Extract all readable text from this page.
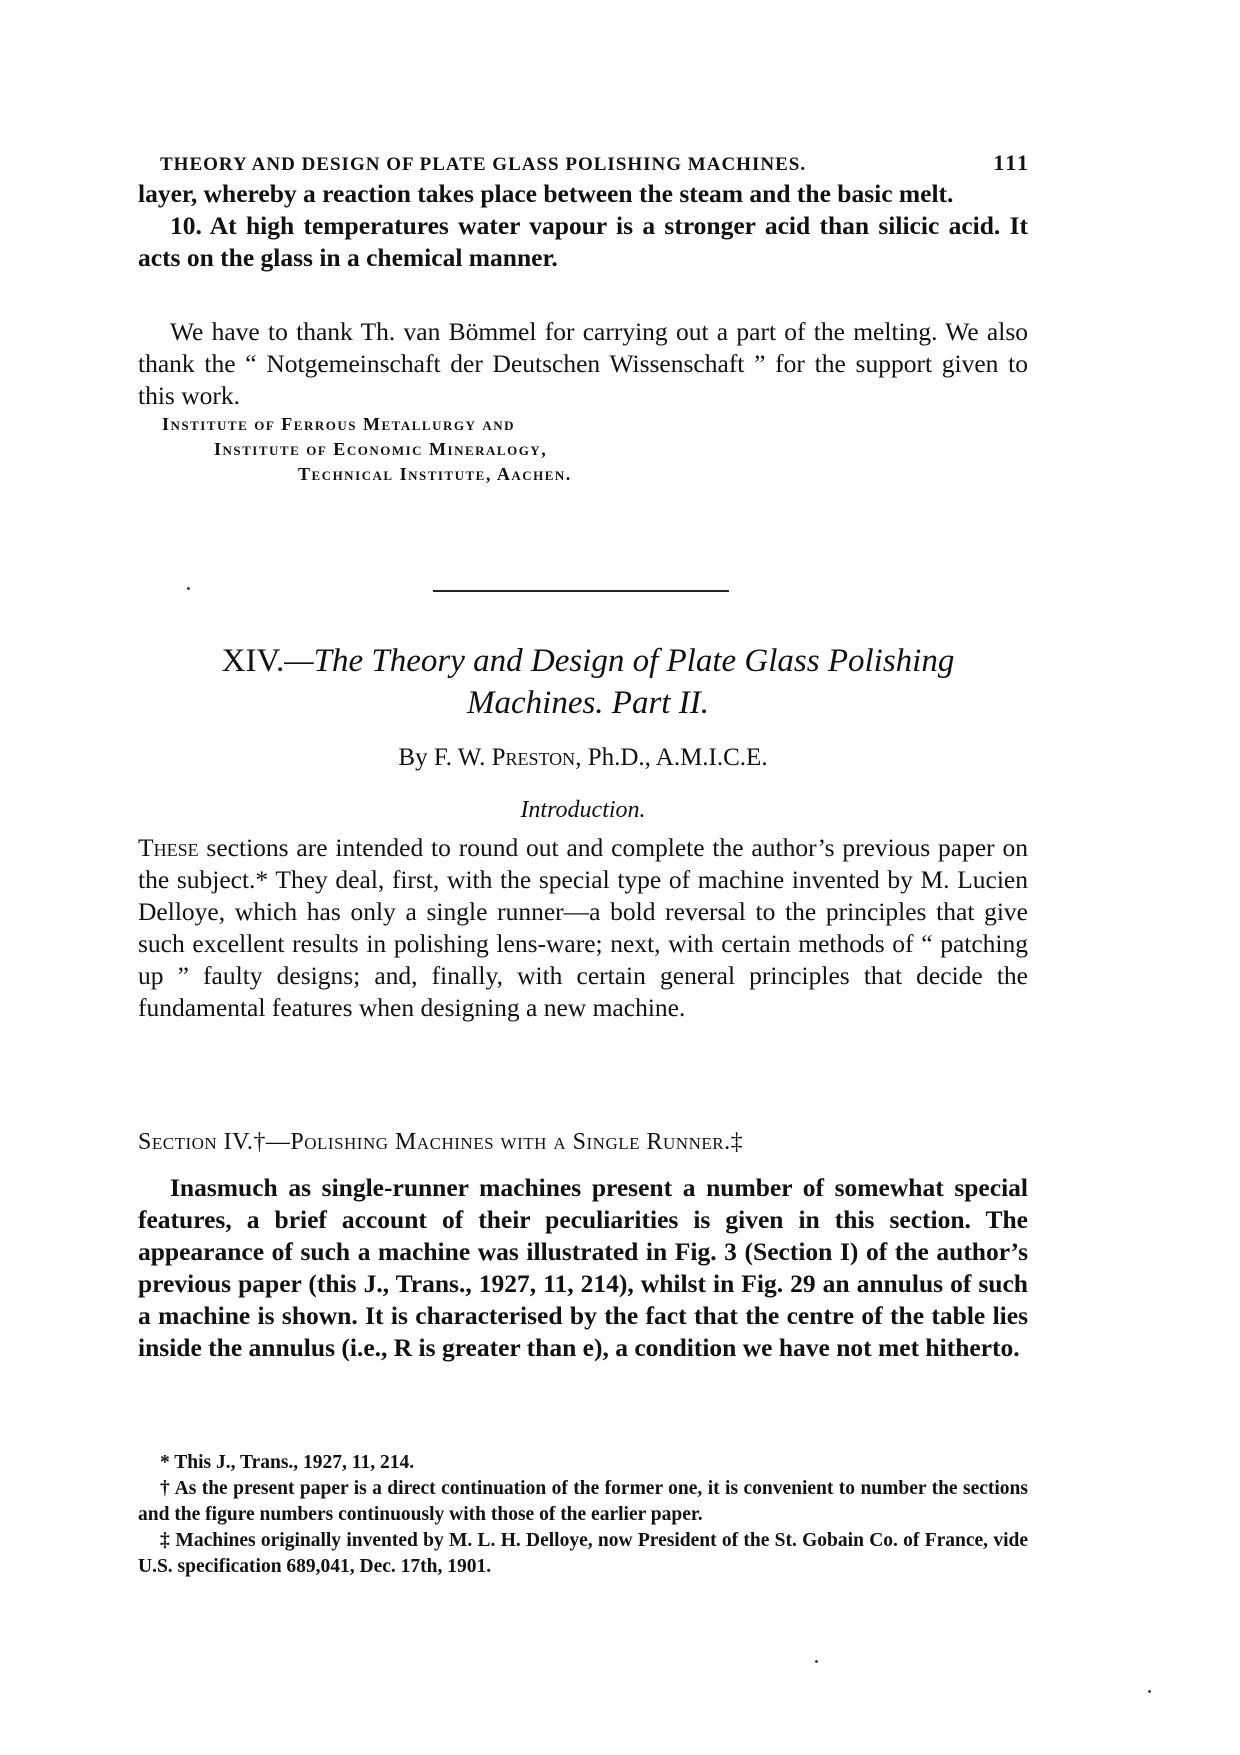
THEORY AND DESIGN OF PLATE GLASS POLISHING MACHINES.	111

layer, whereby a reaction takes place between the steam and the basic melt.

10. At high temperatures water vapour is a stronger acid than silicic acid. It acts on the glass in a chemical manner.

We have to thank Th. van Bömmel for carrying out a part of the melting. We also thank the “ Notgemeinschaft der Deutschen Wissenschaft ” for the support given to this work.

Institute of Ferrous Metallurgy and

Institute of Economic Mineralogy,

Technical Institute, Aachen.

XIV.—The Theory and Design of Plate Glass Polishing
Machines. Part II.
By F. W. Preston, Ph.D., A.M.I.C.E.
Introduction.

These sections are intended to round out and complete the author’s previous paper on the subject.* They deal, first, with the special type of machine invented by M. Lucien Delloye, which has only a single runner—a bold reversal to the principles that give such excellent results in polishing lens-ware; next, with certain methods of “ patching up ” faulty designs; and, finally, with certain general principles that decide the fundamental features when designing a new machine.

Section IV.†—Polishing Machines with a Single Runner.‡

Inasmuch as single-runner machines present a number of somewhat special features, a brief account of their peculiarities is given in this section. The appearance of such a machine was illustrated in Fig. 3 (Section I) of the author’s previous paper (this J., Trans., 1927, 11, 214), whilst in Fig. 29 an annulus of such a machine is shown. It is characterised by the fact that the centre of the table lies inside the annulus (i.e., R is greater than e), a condition we have not met hitherto.

* This J., Trans., 1927, 11, 214.

† As the present paper is a direct continuation of the former one, it is convenient to number the sections and the figure numbers continuously with those of the earlier paper.

‡ Machines originally invented by M. L. H. Delloye, now President of the St. Gobain Co. of France, vide U.S. specification 689,041, Dec. 17th, 1901.
